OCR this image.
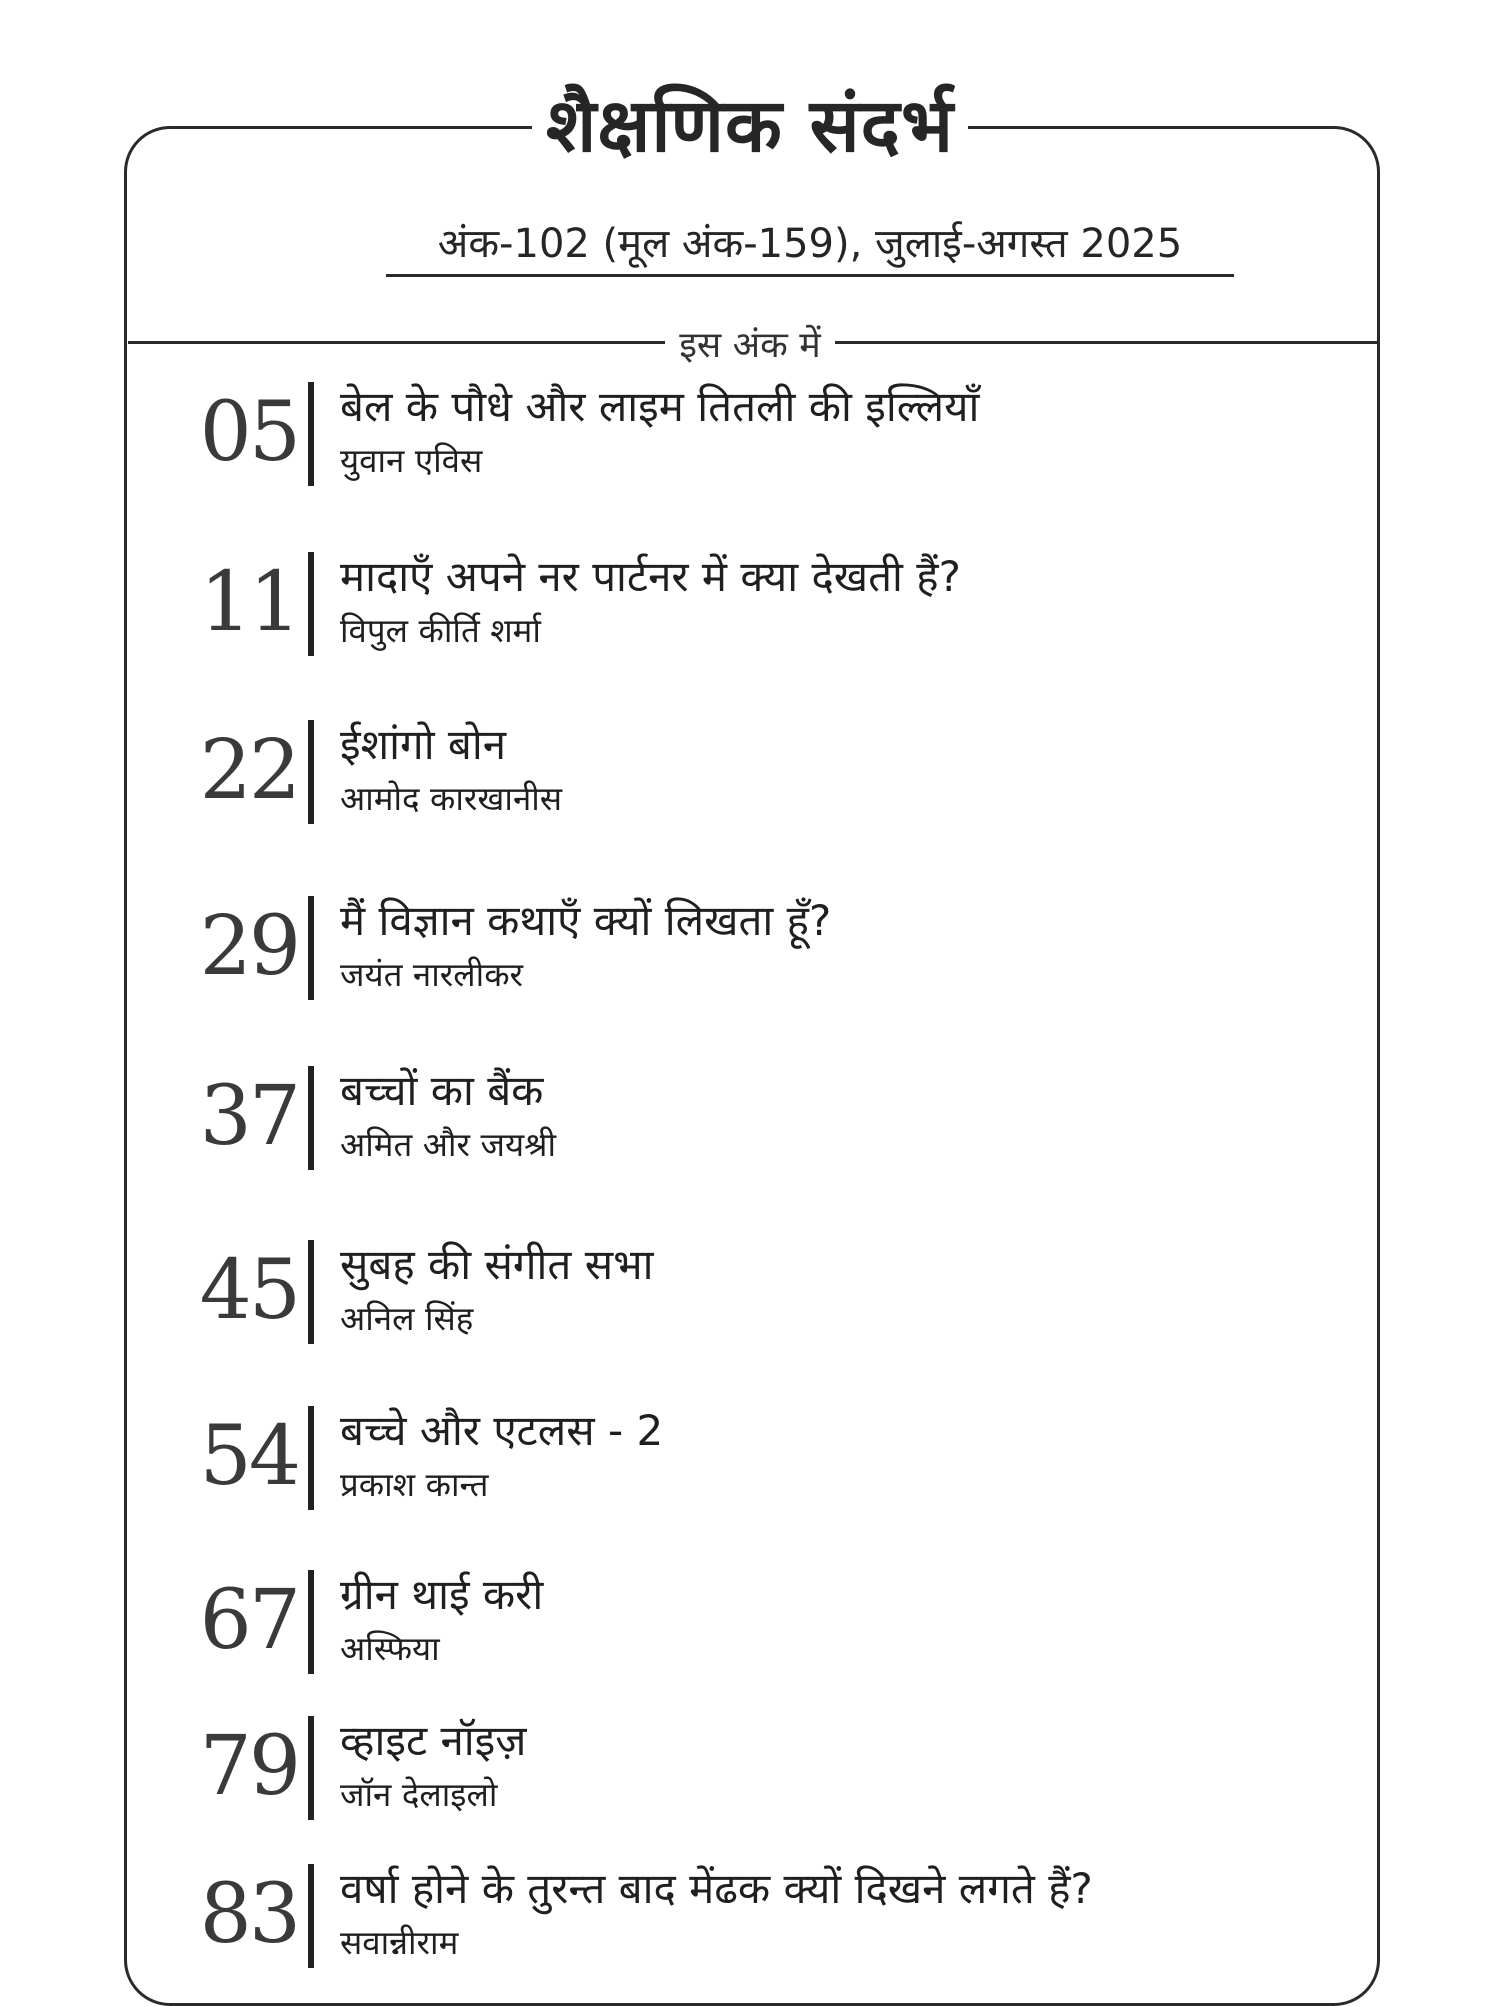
शैक्षणिक संदर्भ
अंक-102 (मूल अंक-159), जुलाई-अगस्त 2025
इस अंक में
05 बेल के पौधे और लाइम तितली की इल्लियाँ
युवान एविस
11 मादाएँ अपने नर पार्टनर में क्या देखती हैं?
विपुल कीर्ति शर्मा
22 ईशांगो बोन
आमोद कारखानीस
29 मैं विज्ञान कथाएँ क्यों लिखता हूँ?
जयंत नारलीकर
37 बच्चों का बैंक
अमित और जयश्री
45 सुबह की संगीत सभा
अनिल सिंह
54 बच्चे और एटलस - 2
प्रकाश कान्त
67 ग्रीन थाई करी
अस्फिया
79 व्हाइट नॉइज़
जॉन देलाइलो
83 वर्षा होने के तुरन्त बाद मेंढक क्यों दिखने लगते हैं?
सवान्नीराम
